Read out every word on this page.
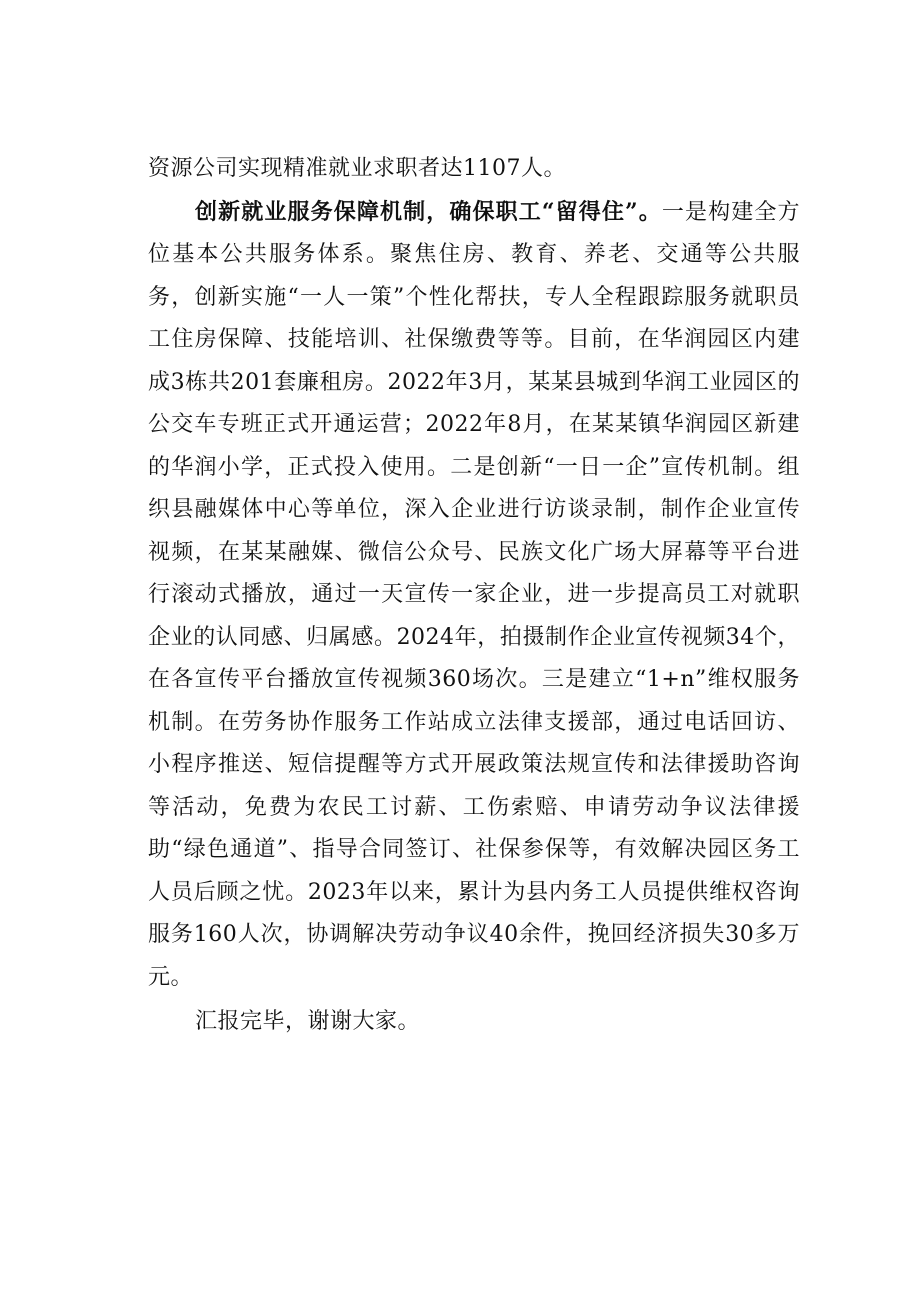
资源公司实现精准就业求职者达1107人。

创新就业服务保障机制，确保职工“留得住”。一是构建全方位基本公共服务体系。聚焦住房、教育、养老、交通等公共服务，创新实施“一人一策”个性化帮扶，专人全程跟踪服务就职员工住房保障、技能培训、社保缴费等等。目前，在华润园区内建成3栋共201套廉租房。2022年3月，某某县城到华润工业园区的公交车专班正式开通运营；2022年8月，在某某镇华润园区新建的华润小学，正式投入使用。二是创新“一日一企”宣传机制。组织县融媒体中心等单位，深入企业进行访谈录制，制作企业宣传视频，在某某融媒、微信公众号、民族文化广场大屏幕等平台进行滚动式播放，通过一天宣传一家企业，进一步提高员工对就职企业的认同感、归属感。2024年，拍摄制作企业宣传视频34个，在各宣传平台播放宣传视频360场次。三是建立“1+n”维权服务机制。在劳务协作服务工作站成立法律支援部，通过电话回访、小程序推送、短信提醒等方式开展政策法规宣传和法律援助咨询等活动，免费为农民工讨薪、工伤索赔、申请劳动争议法律援助“绿色通道”、指导合同签订、社保参保等，有效解决园区务工人员后顾之忧。2023年以来，累计为县内务工人员提供维权咨询服务160人次，协调解决劳动争议40余件，挽回经济损失30多万元。

汇报完毕，谢谢大家。
